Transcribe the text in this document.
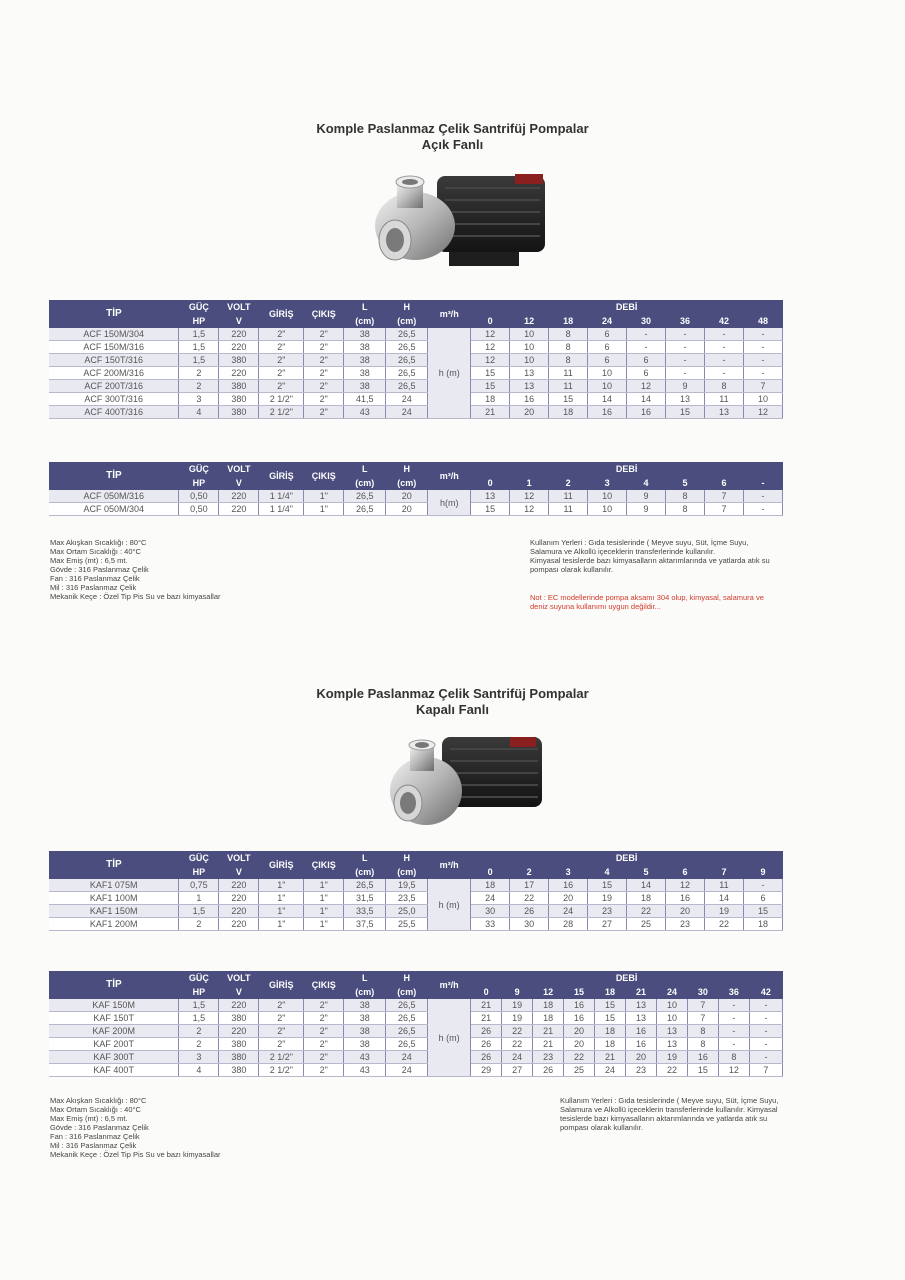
Komple Paslanmaz Çelik Santrifüj Pompalar
Açık Fanlı
TİP	GÜÇ	VOLT	GİRİŞ	ÇIKIŞ	L	H	m³/h	DEBİ							
	HP	V			(cm)	(cm)		0	12	18	24	30	36	42	48
ACF 150M/304	1,5	220	2"	2"	38	26,5	h (m)	12	10	8	6	-	-	-	-
ACF 150M/316	1,5	220	2"	2"	38	26,5		12	10	8	6	-	-	-	-
ACF 150T/316	1,5	380	2"	2"	38	26,5		12	10	8	6	6	-	-	-
ACF 200M/316	2	220	2"	2"	38	26,5		15	13	11	10	6	-	-	-
ACF 200T/316	2	380	2"	2"	38	26,5		15	13	11	10	12	9	8	7
ACF 300T/316	3	380	2 1/2"	2"	41,5	24		18	16	15	14	14	13	11	10
ACF 400T/316	4	380	2 1/2"	2"	43	24		21	20	18	16	16	15	13	12
TİP	GÜÇ	VOLT	GİRİŞ	ÇIKIŞ	L	H	m³/h	DEBİ							
	HP	V			(cm)	(cm)		0	1	2	3	4	5	6	-
ACF 050M/316	0,50	220	1 1/4"	1"	26,5	20	h(m)	13	12	11	10	9	8	7	-
ACF 050M/304	0,50	220	1 1/4"	1"	26,5	20		15	12	11	10	9	8	7	-
Max Akışkan Sıcaklığı : 80°C
Max Ortam Sıcaklığı : 40°C
Max Emiş (mt) : 6,5 mt.
Gövde : 316 Paslanmaz Çelik
Fan : 316 Paslanmaz Çelik
Mil : 316 Paslanmaz Çelik
Mekanik Keçe : Özel Tip Pis Su ve bazı kimyasallar
Kullanım Yerleri : Gıda tesislerinde ( Meyve suyu, Süt, İçme Suyu,
Salamura ve Alkollü içeceklerin transferlerinde kullanılır.
Kimyasal tesislerde bazı kimyasalların aktarımlarında ve yatlarda atık su
pompası olarak kullanılır.
Not : EC modellerinde pompa aksamı 304 olup, kimyasal, salamura ve
deniz suyuna kullanımı uygun değildir...
Komple Paslanmaz Çelik Santrifüj Pompalar
Kapalı Fanlı
TİP	GÜÇ	VOLT	GİRİŞ	ÇIKIŞ	L	H	m³/h	DEBİ							
	HP	V			(cm)	(cm)		0	2	3	4	5	6	7	9
KAF1 075M	0,75	220	1"	1"	26,5	19,5	h (m)	18	17	16	15	14	12	11	-
KAF1 100M	1	220	1"	1"	31,5	23,5		24	22	20	19	18	16	14	6
KAF1 150M	1,5	220	1"	1"	33,5	25,0		30	26	24	23	22	20	19	15
KAF1 200M	2	220	1"	1"	37,5	25,5		33	30	28	27	25	23	22	18
TİP	GÜÇ	VOLT	GİRİŞ	ÇIKIŞ	L	H	m³/h	DEBİ									
	HP	V			(cm)	(cm)		0	9	12	15	18	21	24	30	36	42
KAF 150M	1,5	220	2"	2"	38	26,5	h (m)	21	19	18	16	15	13	10	7	-	-
KAF 150T	1,5	380	2"	2"	38	26,5		21	19	18	16	15	13	10	7	-	-
KAF 200M	2	220	2"	2"	38	26,5		26	22	21	20	18	16	13	8	-	-
KAF 200T	2	380	2"	2"	38	26,5		26	22	21	20	18	16	13	8	-	-
KAF 300T	3	380	2 1/2"	2"	43	24		26	24	23	22	21	20	19	16	8	-
KAF 400T	4	380	2 1/2"	2"	43	24		29	27	26	25	24	23	22	15	12	7
Max Akışkan Sıcaklığı : 80°C
Max Ortam Sıcaklığı : 40°C
Max Emiş (mt) : 6,5 mt.
Gövde : 316 Paslanmaz Çelik
Fan : 316 Paslanmaz Çelik
Mil : 316 Paslanmaz Çelik
Mekanik Keçe : Özel Tip Pis Su ve bazı kimyasallar
Kullanım Yerleri : Gıda tesislerinde ( Meyve suyu, Süt, İçme Suyu,
Salamura ve Alkollü içeceklerin transferlerinde kullanılır. Kimyasal
tesislerde bazı kimyasalların aktarımlarında ve yatlarda atık su
pompası olarak kullanılır.
